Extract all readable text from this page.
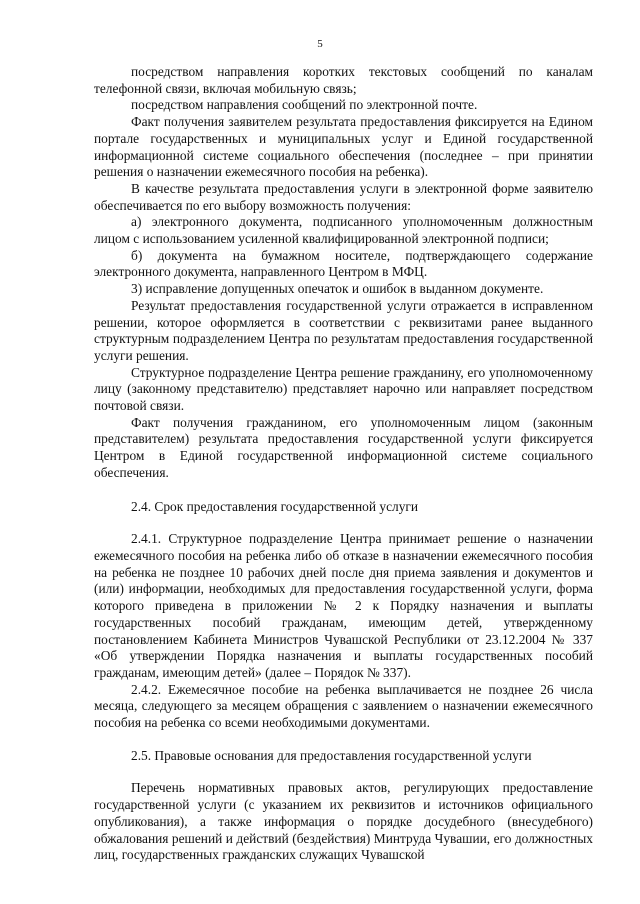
5

посредством направления коротких текстовых сообщений по каналам телефонной связи, включая мобильную связь;

посредством направления сообщений по электронной почте.

Факт получения заявителем результата предоставления фиксируется на Едином портале государственных и муниципальных услуг и Единой государственной информационной системе социального обеспечения (последнее – при принятии решения о назначении ежемесячного пособия на ребенка).

В качестве результата предоставления услуги в электронной форме заявителю обеспечивается по его выбору возможность получения:

а) электронного документа, подписанного уполномоченным должностным лицом с использованием усиленной квалифицированной электронной подписи;

б) документа на бумажном носителе, подтверждающего содержание электронного документа, направленного Центром в МФЦ.

3) исправление допущенных опечаток и ошибок в выданном документе.

Результат предоставления государственной услуги отражается в исправленном решении, которое оформляется в соответствии с реквизитами ранее выданного структурным подразделением Центра по результатам предоставления государственной услуги решения.

Структурное подразделение Центра решение гражданину, его уполномоченному лицу (законному представителю) представляет нарочно или направляет посредством почтовой связи.

Факт получения гражданином, его уполномоченным лицом (законным представителем) результата предоставления государственной услуги фиксируется Центром в Единой государственной информационной системе социального обеспечения.

2.4. Срок предоставления государственной услуги

2.4.1. Структурное подразделение Центра принимает решение о назначении ежемесячного пособия на ребенка либо об отказе в назначении ежемесячного пособия на ребенка не позднее 10 рабочих дней после дня приема заявления и документов и (или) информации, необходимых для предоставления государственной услуги, форма которого приведена в приложении № 2 к Порядку назначения и выплаты государственных пособий гражданам, имеющим детей, утвержденному постановлением Кабинета Министров Чувашской Республики от 23.12.2004 № 337 «Об утверждении Порядка назначения и выплаты государственных пособий гражданам, имеющим детей» (далее – Порядок № 337).

2.4.2. Ежемесячное пособие на ребенка выплачивается не позднее 26 числа месяца, следующего за месяцем обращения с заявлением о назначении ежемесячного пособия на ребенка со всеми необходимыми документами.

2.5. Правовые основания для предоставления государственной услуги

Перечень нормативных правовых актов, регулирующих предоставление государственной услуги (с указанием их реквизитов и источников официального опубликования), а также информация о порядке досудебного (внесудебного) обжалования решений и действий (бездействия) Минтруда Чувашии, его должностных лиц, государственных гражданских служащих Чувашской
